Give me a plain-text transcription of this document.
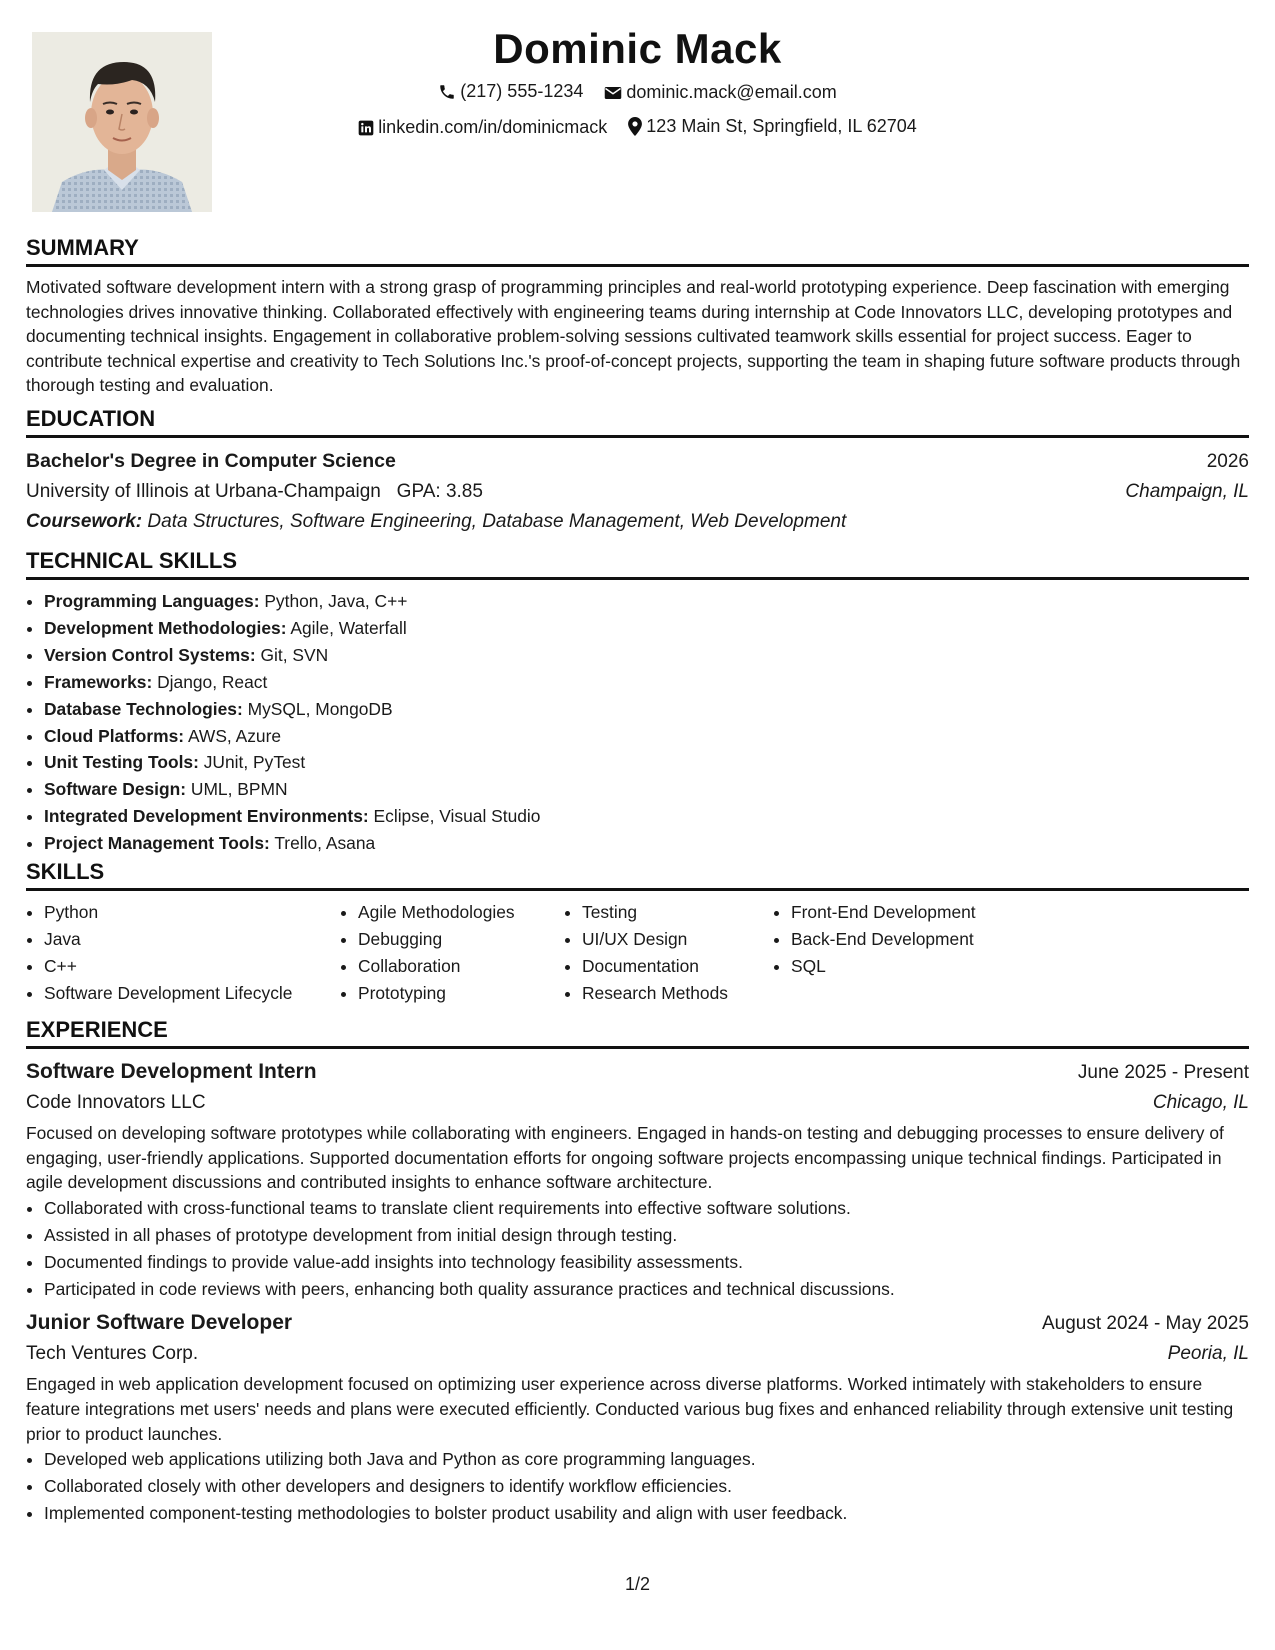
Dominic Mack
(217) 555-1234
dominic.mack@email.com
linkedin.com/in/dominicmack
123 Main St, Springfield, IL 62704
SUMMARY
Motivated software development intern with a strong grasp of programming principles and real-world prototyping experience. Deep fascination with emerging technologies drives innovative thinking. Collaborated effectively with engineering teams during internship at Code Innovators LLC, developing prototypes and documenting technical insights. Engagement in collaborative problem-solving sessions cultivated teamwork skills essential for project success. Eager to contribute technical expertise and creativity to Tech Solutions Inc.'s proof-of-concept projects, supporting the team in shaping future software products through thorough testing and evaluation.
EDUCATION
Bachelor's Degree in Computer Science	2026
University of Illinois at Urbana-Champaign GPA: 3.85	Champaign, IL
Coursework: Data Structures, Software Engineering, Database Management, Web Development
TECHNICAL SKILLS
• Programming Languages: Python, Java, C++
• Development Methodologies: Agile, Waterfall
• Version Control Systems: Git, SVN
• Frameworks: Django, React
• Database Technologies: MySQL, MongoDB
• Cloud Platforms: AWS, Azure
• Unit Testing Tools: JUnit, PyTest
• Software Design: UML, BPMN
• Integrated Development Environments: Eclipse, Visual Studio
• Project Management Tools: Trello, Asana
SKILLS
• Python
• Java
• C++
• Software Development Lifecycle
• Agile Methodologies
• Debugging
• Collaboration
• Prototyping
• Testing
• UI/UX Design
• Documentation
• Research Methods
• Front-End Development
• Back-End Development
• SQL
EXPERIENCE
Software Development Intern	June 2025 - Present
Code Innovators LLC	Chicago, IL
Focused on developing software prototypes while collaborating with engineers. Engaged in hands-on testing and debugging processes to ensure delivery of engaging, user-friendly applications. Supported documentation efforts for ongoing software projects encompassing unique technical findings. Participated in agile development discussions and contributed insights to enhance software architecture.
• Collaborated with cross-functional teams to translate client requirements into effective software solutions.
• Assisted in all phases of prototype development from initial design through testing.
• Documented findings to provide value-add insights into technology feasibility assessments.
• Participated in code reviews with peers, enhancing both quality assurance practices and technical discussions.
Junior Software Developer	August 2024 - May 2025
Tech Ventures Corp.	Peoria, IL
Engaged in web application development focused on optimizing user experience across diverse platforms. Worked intimately with stakeholders to ensure feature integrations met users' needs and plans were executed efficiently. Conducted various bug fixes and enhanced reliability through extensive unit testing prior to product launches.
• Developed web applications utilizing both Java and Python as core programming languages.
• Collaborated closely with other developers and designers to identify workflow efficiencies.
• Implemented component-testing methodologies to bolster product usability and align with user feedback.
1/2
